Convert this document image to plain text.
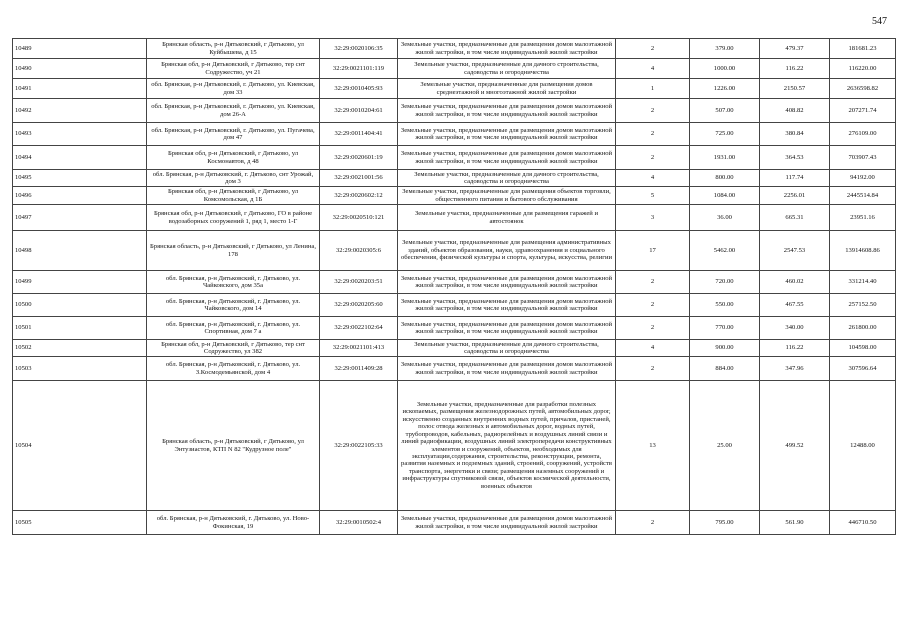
547
10489	Брянская область, р-н Дятьковский, г Дятьково, ул Куйбышева, д 15	32:29:0020106:35	Земельные участки, предназначенные для размещения домов малоэтажной жилой застройки, в том числе индивидуальной жилой застройки	2	379.00	479.37	181681.23
10490	Брянская обл, р-н Дятьковский, г Дятьково, тер снт Содружество, уч 21	32:29:0021101:119	Земельные участки, предназначенные для дачного строительства, садоводства и огородничества	4	1000.00	116.22	116220.00
10491	обл. Брянская, р-н Дятьковский, г. Дятьково, ул. Киевская, дом 33	32:29:0010405:93	Земельные участки, предназначенные для размещения домов среднеэтажной и многоэтажной жилой застройки	1	1226.00	2150.57	2636598.82
10492	обл. Брянская, р-н Дятьковский, г. Дятьково, ул. Киевская, дом 26-А	32:29:0010204:61	Земельные участки, предназначенные для размещения домов малоэтажной жилой застройки, в том числе индивидуальной жилой застройки	2	507.00	408.82	207271.74
10493	обл. Брянская, р-н Дятьковский, г. Дятьково, ул. Пугачева, дом 47	32:29:0011404:41	Земельные участки, предназначенные для размещения домов малоэтажной жилой застройки, в том числе индивидуальной жилой застройки	2	725.00	380.84	276109.00
10494	Брянская обл, р-н Дятьковский, г Дятьково, ул Космонавтов, д 48	32:29:0020601:19	Земельные участки, предназначенные для размещения домов малоэтажной жилой застройки, в том числе индивидуальной жилой застройки	2	1931.00	364.53	703907.43
10495	обл. Брянская, р-н Дятьковский, г. Дятьково, снт Урожай, дом 3	32:29:0021001:56	Земельные участки, предназначенные для дачного строительства, садоводства и огородничества	4	800.00	117.74	94192.00
10496	Брянская обл, р-н Дятьковский, г Дятьково, ул Комсомольская, д 1Б	32:29:0020602:12	Земельные участки, предназначенные для размещения объектов торговли, общественного питания и бытового обслуживания	5	1084.00	2256.01	2445514.84
10497	Брянская обл, р-н Дятьковский, г Дятьково, ГО в районе водозаборных сооружений 1, ряд 1, место 1-Г	32:29:0020510:121	Земельные участки, предназначенные для размещения гаражей и автостоянок	3	36.00	665.31	23951.16
10498	Брянская область, р-н Дятьковский, г Дятьково, ул Ленина, 178	32:29:0020305:6	Земельные участки, предназначенные для размещения административных зданий, объектов образования, науки, здравоохранения и социального обеспечения, физической культуры и спорта, культуры, искусства, религии	17	5462.00	2547.53	13914608.86
10499	обл. Брянская, р-н Дятьковский, г. Дятьково, ул. Чайковского, дом 35а	32:29:0020203:51	Земельные участки, предназначенные для размещения домов малоэтажной жилой застройки, в том числе индивидуальной жилой застройки	2	720.00	460.02	331214.40
10500	обл. Брянская, р-н Дятьковский, г. Дятьково, ул. Чайковского, дом 14	32:29:0020205:60	Земельные участки, предназначенные для размещения домов малоэтажной жилой застройки, в том числе индивидуальной жилой застройки	2	550.00	467.55	257152.50
10501	обл. Брянская, р-н Дятьковский, г. Дятьково, ул. Спортивная, дом 7 а	32:29:0022102:64	Земельные участки, предназначенные для размещения домов малоэтажной жилой застройки, в том числе индивидуальной жилой застройки	2	770.00	340.00	261800.00
10502	Брянская обл, р-н Дятьковский, г Дятьково, тер снт Содружество, ул 382	32:29:0021101:413	Земельные участки, предназначенные для дачного строительства, садоводства и огородничества	4	900.00	116.22	104598.00
10503	обл. Брянская, р-н Дятьковский, г. Дятьково, ул. З.Космодемьянской, дом 4	32:29:0011409:28	Земельные участки, предназначенные для размещения домов малоэтажной жилой застройки, в том числе индивидуальной жилой застройки	2	884.00	347.96	307596.64
10504	Брянская область, р-н Дятьковский, г Дятьково, ул Энтузиастов, КТП N 82 "Кудрузное поле"	32:29:0022105:33	Земельные участки, предназначенные для разработки полезных ископаемых, размещения железнодорожных путей, автомобильных дорог, искусственно созданных внутренних водных путей, причалов, пристаней, полос отвода железных и автомобильных дорог, водных путей, трубопроводов, кабельных, радиорелейных и воздушных линий связи и линий радиофикации, воздушных линий электропередачи конструктивных элементов и сооружений, объектов, необходимых для эксплуатации,содержания, строительства, реконструкции, ремонта, развития наземных и подземных зданий, строений, сооружений, устройств транспорта, энергетики и связи; размещения наземных сооружений и инфраструктуры спутниковой связи, объектов космической деятельности, военных объектов	13	25.00	499.52	12488.00
10505	обл. Брянская, р-н Дятьковский, г. Дятьково, ул. Ново-Фокинская, 19	32:29:0010502:4	Земельные участки, предназначенные для размещения домов малоэтажной жилой застройки, в том числе индивидуальной жилой застройки	2	795.00	561.90	446710.50
